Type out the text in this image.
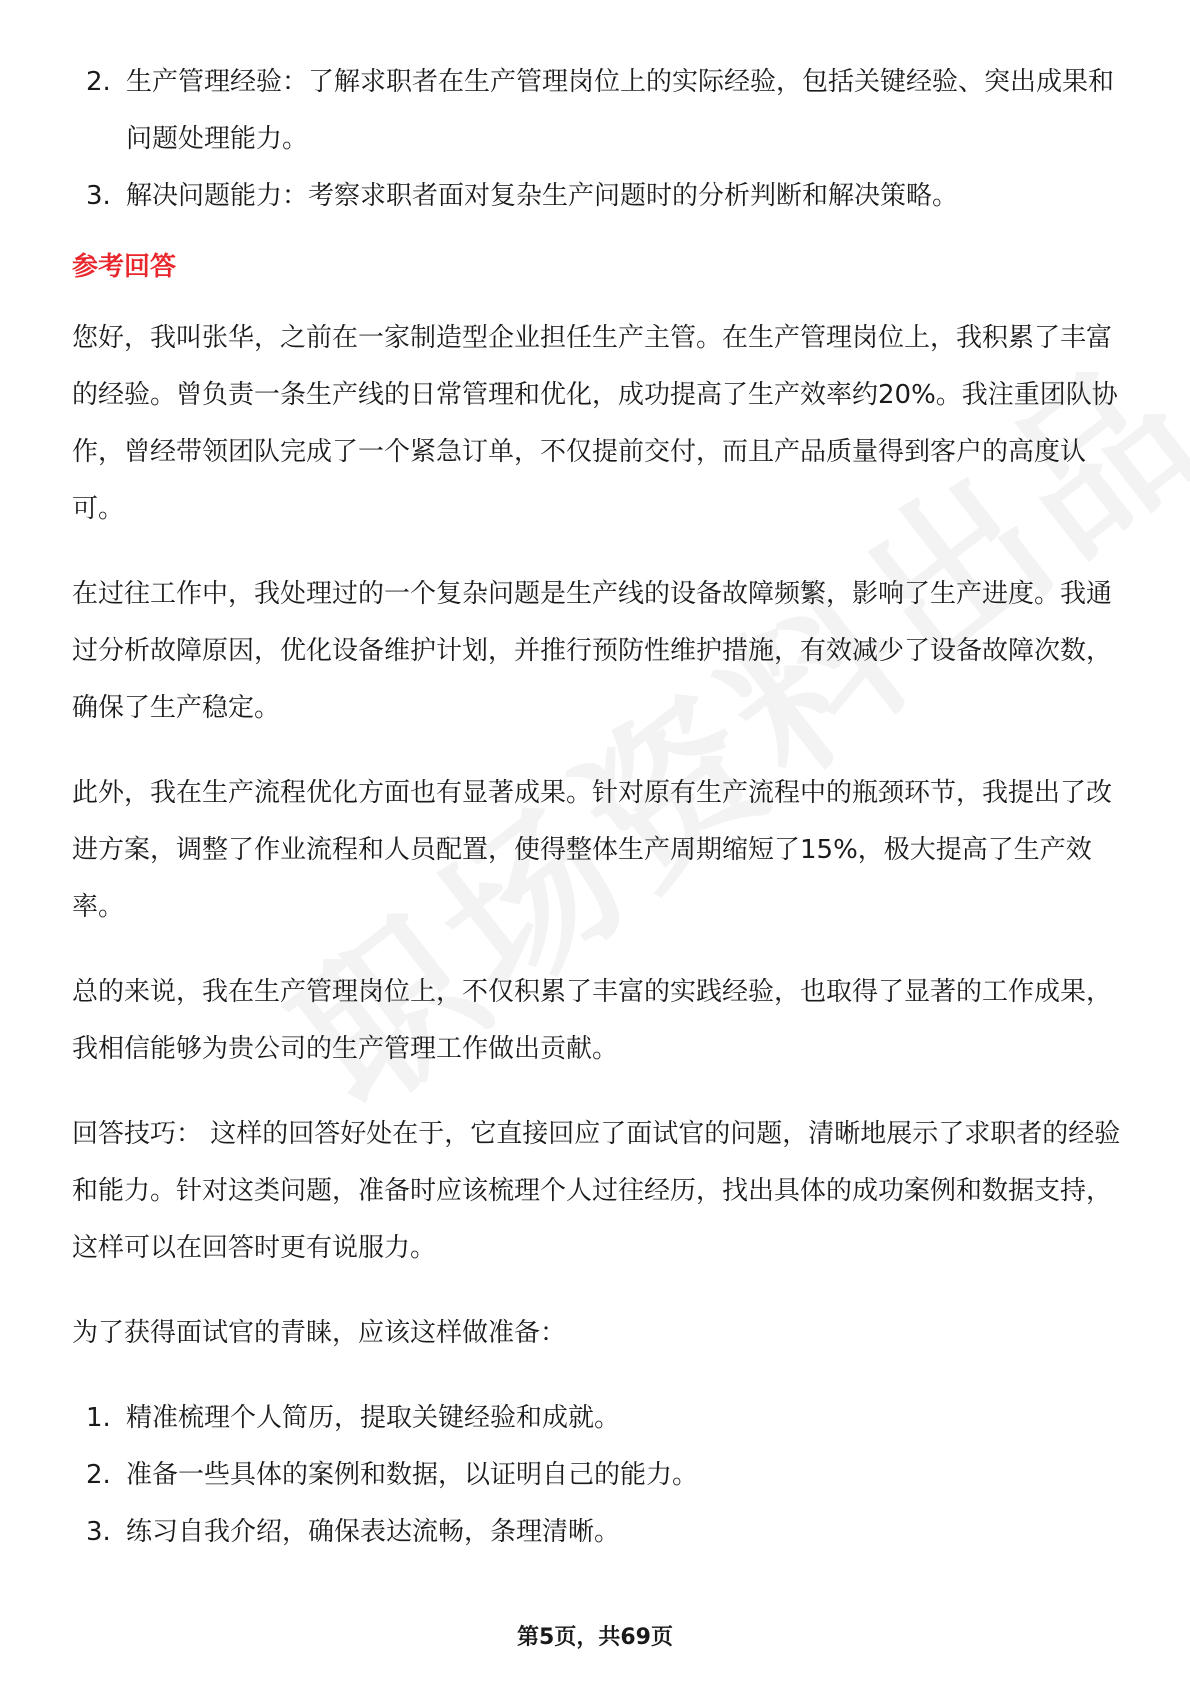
2. 生产管理经验：了解求职者在生产管理岗位上的实际经验，包括关键经验、突出成果和问题处理能力。
3. 解决问题能力：考察求职者面对复杂生产问题时的分析判断和解决策略。
参考回答

您好，我叫张华，之前在一家制造型企业担任生产主管。在生产管理岗位上，我积累了丰富的经验。曾负责一条生产线的日常管理和优化，成功提高了生产效率约20%。我注重团队协作，曾经带领团队完成了一个紧急订单，不仅提前交付，而且产品质量得到客户的高度认可。

在过往工作中，我处理过的一个复杂问题是生产线的设备故障频繁，影响了生产进度。我通过分析故障原因，优化设备维护计划，并推行预防性维护措施，有效减少了设备故障次数，确保了生产稳定。

此外，我在生产流程优化方面也有显著成果。针对原有生产流程中的瓶颈环节，我提出了改进方案，调整了作业流程和人员配置，使得整体生产周期缩短了15%，极大提高了生产效率。

总的来说，我在生产管理岗位上，不仅积累了丰富的实践经验，也取得了显著的工作成果，我相信能够为贵公司的生产管理工作做出贡献。

回答技巧： 这样的回答好处在于，它直接回应了面试官的问题，清晰地展示了求职者的经验和能力。针对这类问题，准备时应该梳理个人过往经历，找出具体的成功案例和数据支持，这样可以在回答时更有说服力。

为了获得面试官的青睐，应该这样做准备：

1. 精准梳理个人简历，提取关键经验和成就。
2. 准备一些具体的案例和数据，以证明自己的能力。
3. 练习自我介绍，确保表达流畅，条理清晰。
第5页，共69页
